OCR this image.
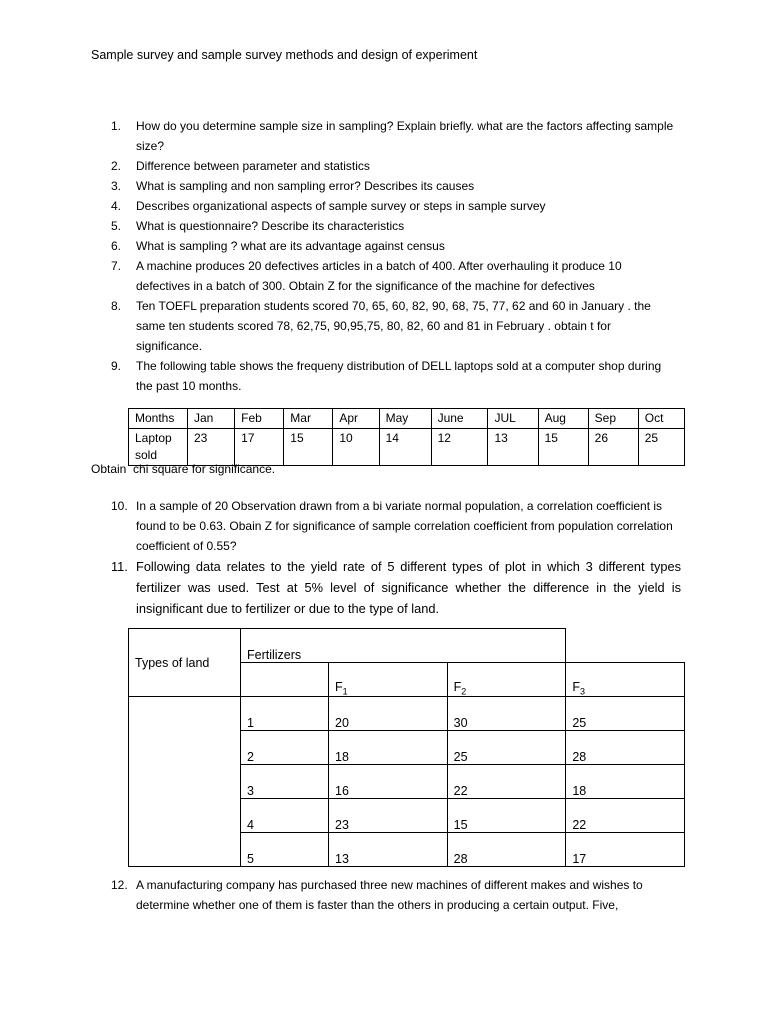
Sample survey and sample survey methods and design of experiment
1.	How do you determine sample size in sampling? Explain briefly. what are the factors affecting sample size?
2.	Difference between parameter and statistics
3.	What is sampling and non sampling error? Describes its causes
4.	Describes organizational aspects of sample survey or steps in sample survey
5.	What is questionnaire? Describe its characteristics
6.	What is sampling ? what are its advantage against census
7.	A machine produces 20 defectives articles in a batch of 400. After overhauling it produce 10 defectives in a batch of 300. Obtain Z for the significance of the machine for defectives
8.	Ten TOEFL preparation students scored 70, 65, 60, 82, 90, 68, 75, 77, 62 and 60 in January . the same ten students scored 78, 62,75, 90,95,75, 80, 82, 60 and 81 in February . obtain t for significance.
9.	The following table shows the frequeny distribution of DELL laptops sold at a computer shop during the past 10 months.
Months	Jan	Feb	Mar	Apr	May	June	JUL	Aug	Sep	Oct
Laptop sold	23	17	15	10	14	12	13	15	26	25
Obtain  chi square for significance.
10. In a sample of 20 Observation drawn from a bi variate normal population, a correlation coefficient is found to be 0.63. Obain Z for significance of sample correlation coefficient from population correlation coefficient of 0.55?
11. Following data relates to the yield rate of 5 different types of plot in which 3 different types fertilizer was used. Test at 5% level of significance whether the difference in the yield is insignificant due to fertilizer or due to the type of land.
Types of land	Fertilizers			
		$F_1$	$F_2$	$F_3$
	1	20	30	25
	2	18	25	28
	3	16	22	18
	4	23	15	22
	5	13	28	17
12. A manufacturing company has purchased three new machines of different makes and wishes to determine whether one of them is faster than the others in producing a certain output. Five,
